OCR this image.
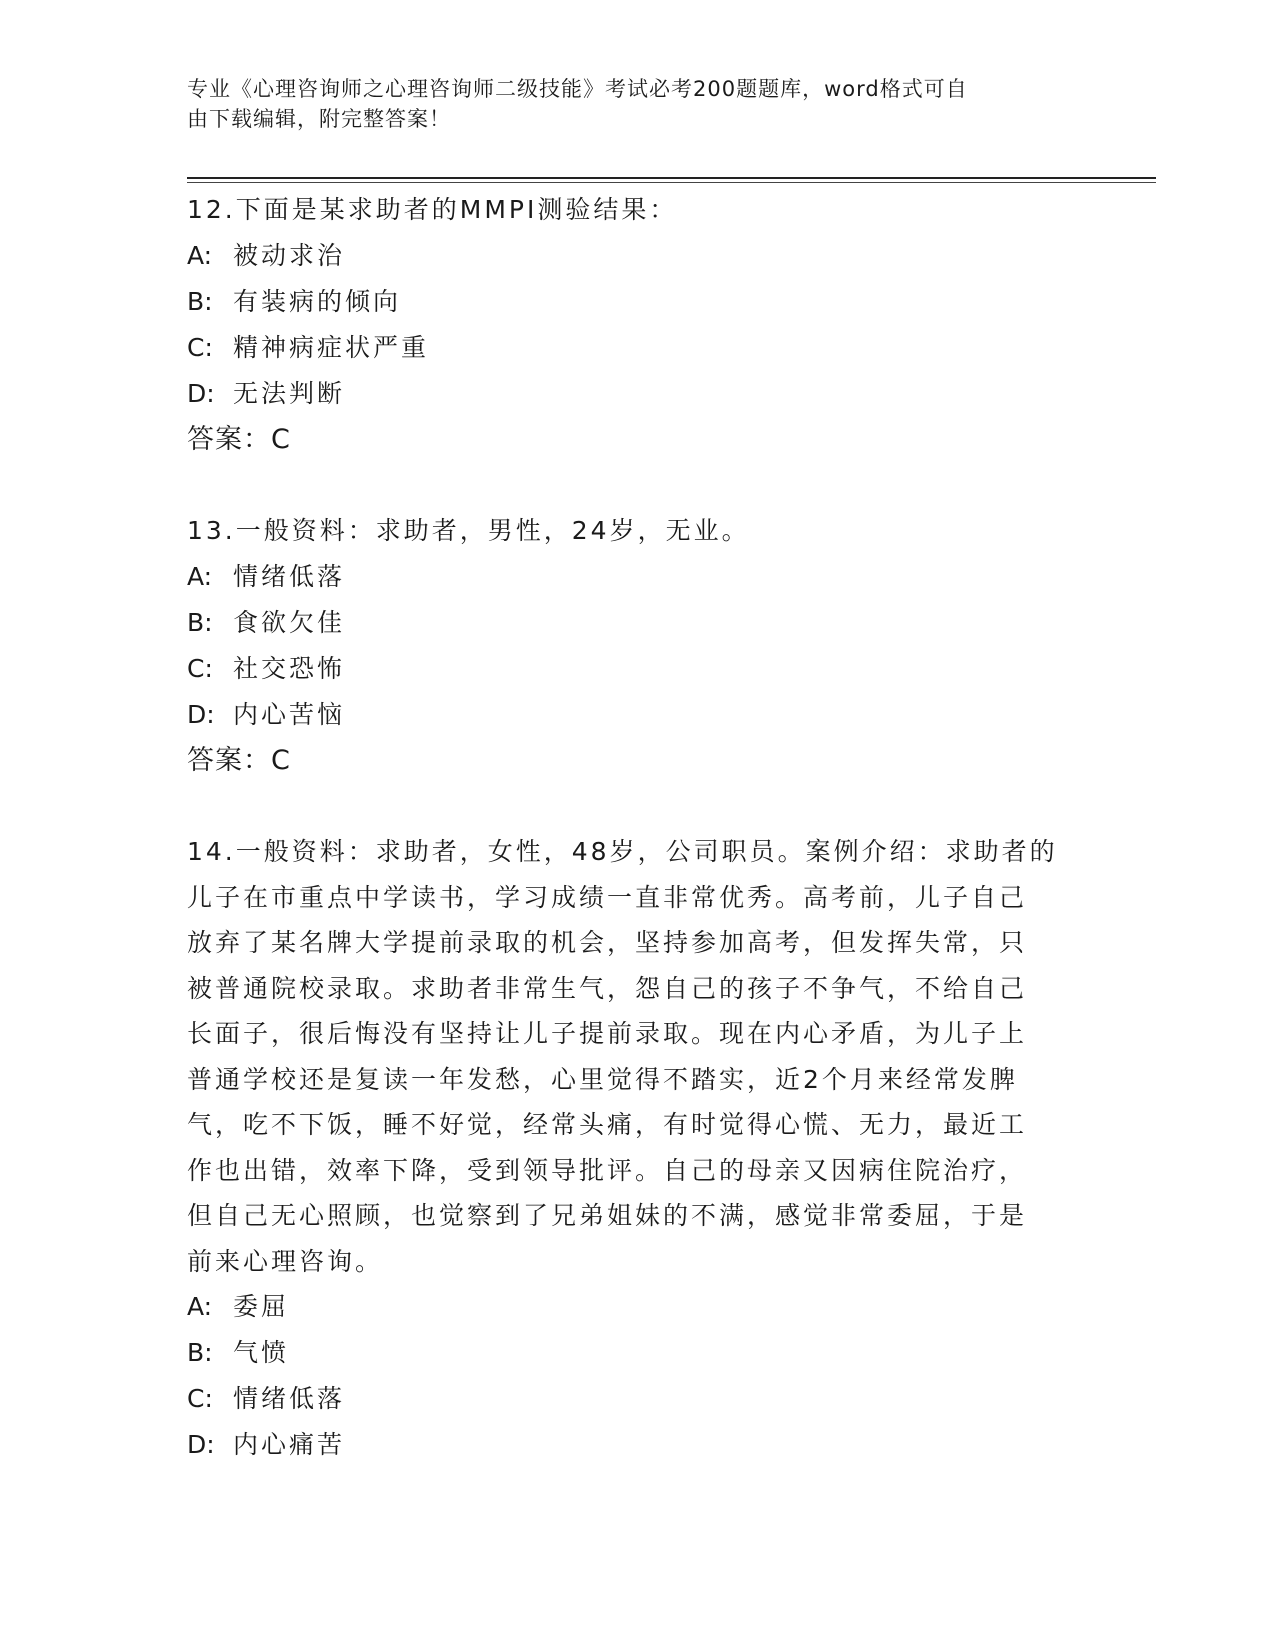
专业《心理咨询师之心理咨询师二级技能》考试必考200题题库，word格式可自
由下载编辑，附完整答案！
12.下面是某求助者的MMPI测验结果：
A: 被动求治
B: 有装病的倾向
C: 精神病症状严重
D: 无法判断
答案：C
13.一般资料：求助者，男性，24岁，无业。
A: 情绪低落
B: 食欲欠佳
C: 社交恐怖
D: 内心苦恼
答案：C
14.一般资料：求助者，女性，48岁，公司职员。案例介绍：求助者的
儿子在市重点中学读书，学习成绩一直非常优秀。高考前，儿子自己
放弃了某名牌大学提前录取的机会，坚持参加高考，但发挥失常，只
被普通院校录取。求助者非常生气，怨自己的孩子不争气，不给自己
长面子，很后悔没有坚持让儿子提前录取。现在内心矛盾，为儿子上
普通学校还是复读一年发愁，心里觉得不踏实，近2个月来经常发脾
气，吃不下饭，睡不好觉，经常头痛，有时觉得心慌、无力，最近工
作也出错，效率下降，受到领导批评。自己的母亲又因病住院治疗，
但自己无心照顾，也觉察到了兄弟姐妹的不满，感觉非常委屈，于是
前来心理咨询。
A: 委屈
B: 气愤
C: 情绪低落
D: 内心痛苦
